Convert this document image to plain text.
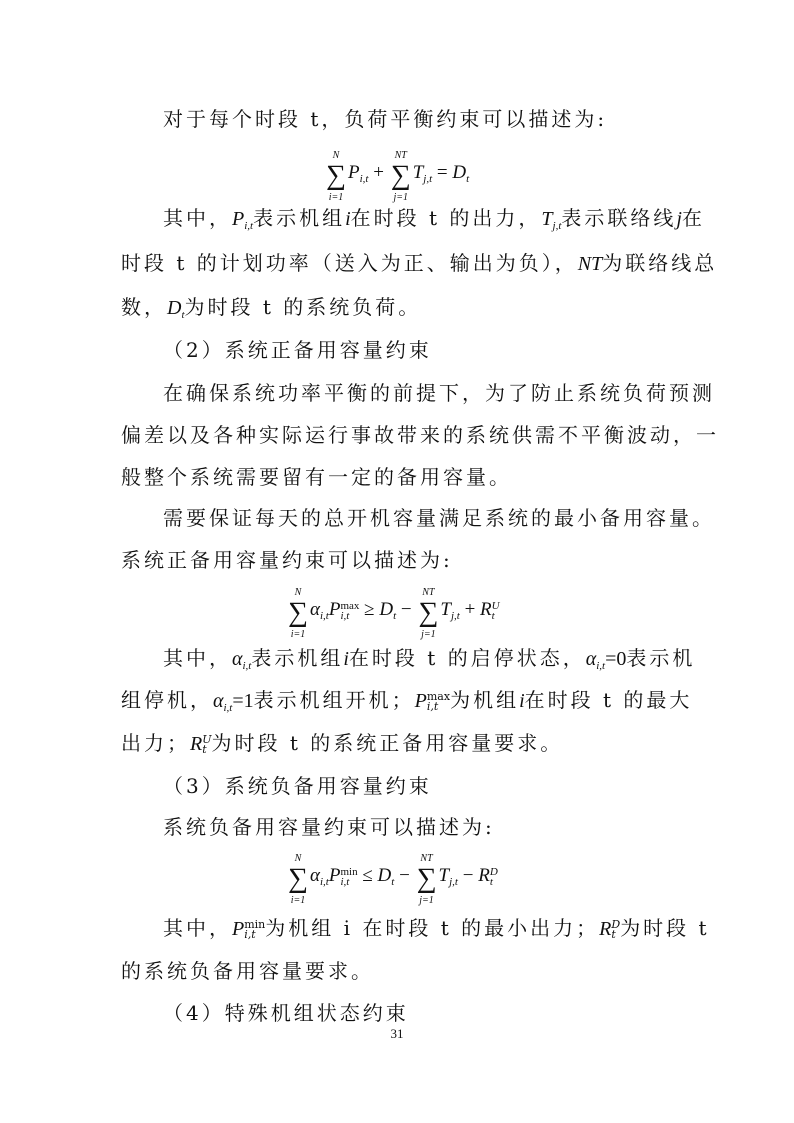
对于每个时段 t，负荷平衡约束可以描述为:
∑
N
i=1
$P_{i,t}$ + ∑
NT
j=1
$T_{j,t} = D_t$
其中，$P_{i,t}$表示机组i在时段 t 的出力，$T_{j,t}$表示联络线j在
时段 t 的计划功率（送入为正、输出为负），NT为联络线总
数，$D_t$为时段 t 的系统负荷。
（2）系统正备用容量约束
在确保系统功率平衡的前提下，为了防止系统负荷预测
偏差以及各种实际运行事故带来的系统供需不平衡波动，一
般整个系统需要留有一定的备用容量。
需要保证每天的总开机容量满足系统的最小备用容量。
系统正备用容量约束可以描述为:
∑
N
i=1
$\alpha_{i,t}P$ max
$i,t \ge D_t$ − ∑
NT
j=1
$T_{j,t} + R$ U
t
其中，$\alpha_{i,t}$表示机组i在时段 t 的启停状态，$\alpha_{i,t}=0$表示机
组停机，$\alpha_{i,t}=1$表示机组开机；P max
i,t 为机组i在时段 t 的最大
出力；R U
t 为时段 t 的系统正备用容量要求。
（3）系统负备用容量约束
系统负备用容量约束可以描述为:
∑
N
i=1
$\alpha_{i,t}P$ min
$i,t \le D_t$ − ∑
NT
j=1
$T_{j,t} - R$ D
t
其中，P min
i,t 为机组 i 在时段 t 的最小出力；R D
t 为时段 t
的系统负备用容量要求。
（4）特殊机组状态约束
31
